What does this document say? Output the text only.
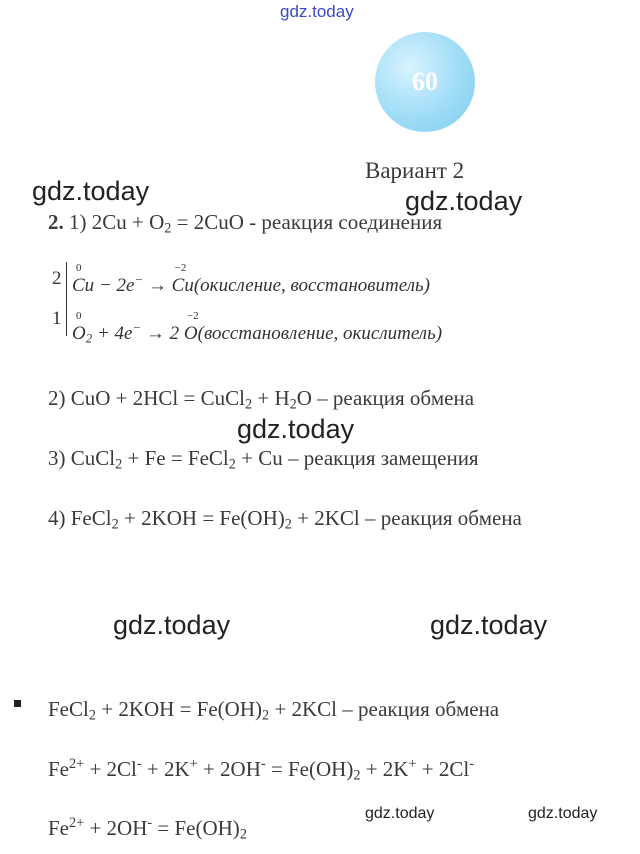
gdz.today
gdz.today	gdz.today
gdz.today
gdz.today	gdz.today
gdz.today	gdz.today
60
Вариант 2
2. 1) $2Cu + O_2 = 2CuO$ - реакция соединения
2
1
0
Cu − 2e− →
−2
Cu(окисление, восстановитель)
0
$O_2 + 4e^- \to 2$
−2
O(восстановление, окислитель)
2) CuO + 2HCl = CuCl$_2$ + $H_2O$ – реакция обмена
3) CuCl$_2$ + Fe = FeCl$_2$ + Cu – реакция замещения
4) FeCl$_2$ + $2KOH = Fe(OH)_2 + 2KCl$ – реакция обмена
FeCl$_2$ + $2KOH = Fe(OH)_2 + 2KCl$ – реакция обмена
$Fe^{2+} + 2Cl^- + 2K^+ + 2OH^- = Fe(OH)_2 + 2K^+ + 2Cl^-$
$Fe^{2+} + 2OH^- = Fe(OH)_2$
